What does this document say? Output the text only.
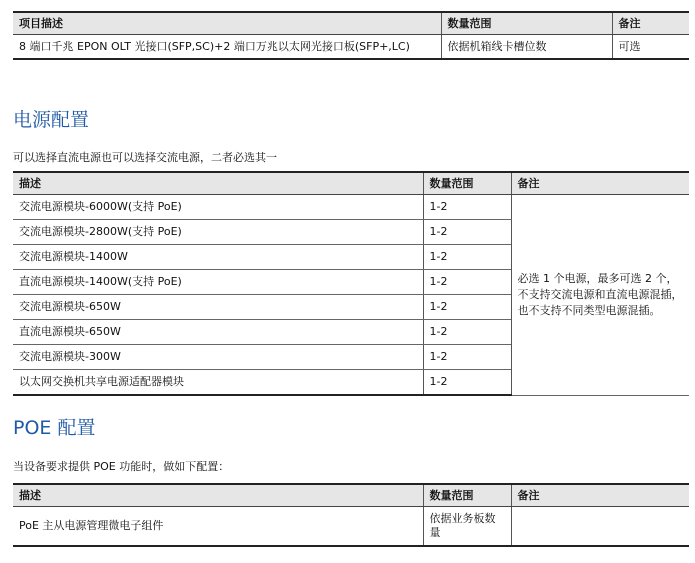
项目描述	数量范围	备注
8 端口千兆 EPON OLT 光接口(SFP,SC)+2 端口万兆以太网光接口板(SFP+,LC)	依据机箱线卡槽位数	可选
电源配置

可以选择直流电源也可以选择交流电源，二者必选其一

描述	数量范围	备注
交流电源模块-6000W(支持 PoE)	1-2	必选 1 个电源，最多可选 2 个，不支持交流电源和直流电源混插，也不支持不同类型电源混插。
交流电源模块-2800W(支持 PoE)	1-2	
交流电源模块-1400W	1-2	
直流电源模块-1400W(支持 PoE)	1-2	
交流电源模块-650W	1-2	
直流电源模块-650W	1-2	
交流电源模块-300W	1-2	
以太网交换机共享电源适配器模块	1-2	
POE 配置

当设备要求提供 POE 功能时，做如下配置：

描述	数量范围	备注
PoE 主从电源管理微电子组件	依据业务板数量	
